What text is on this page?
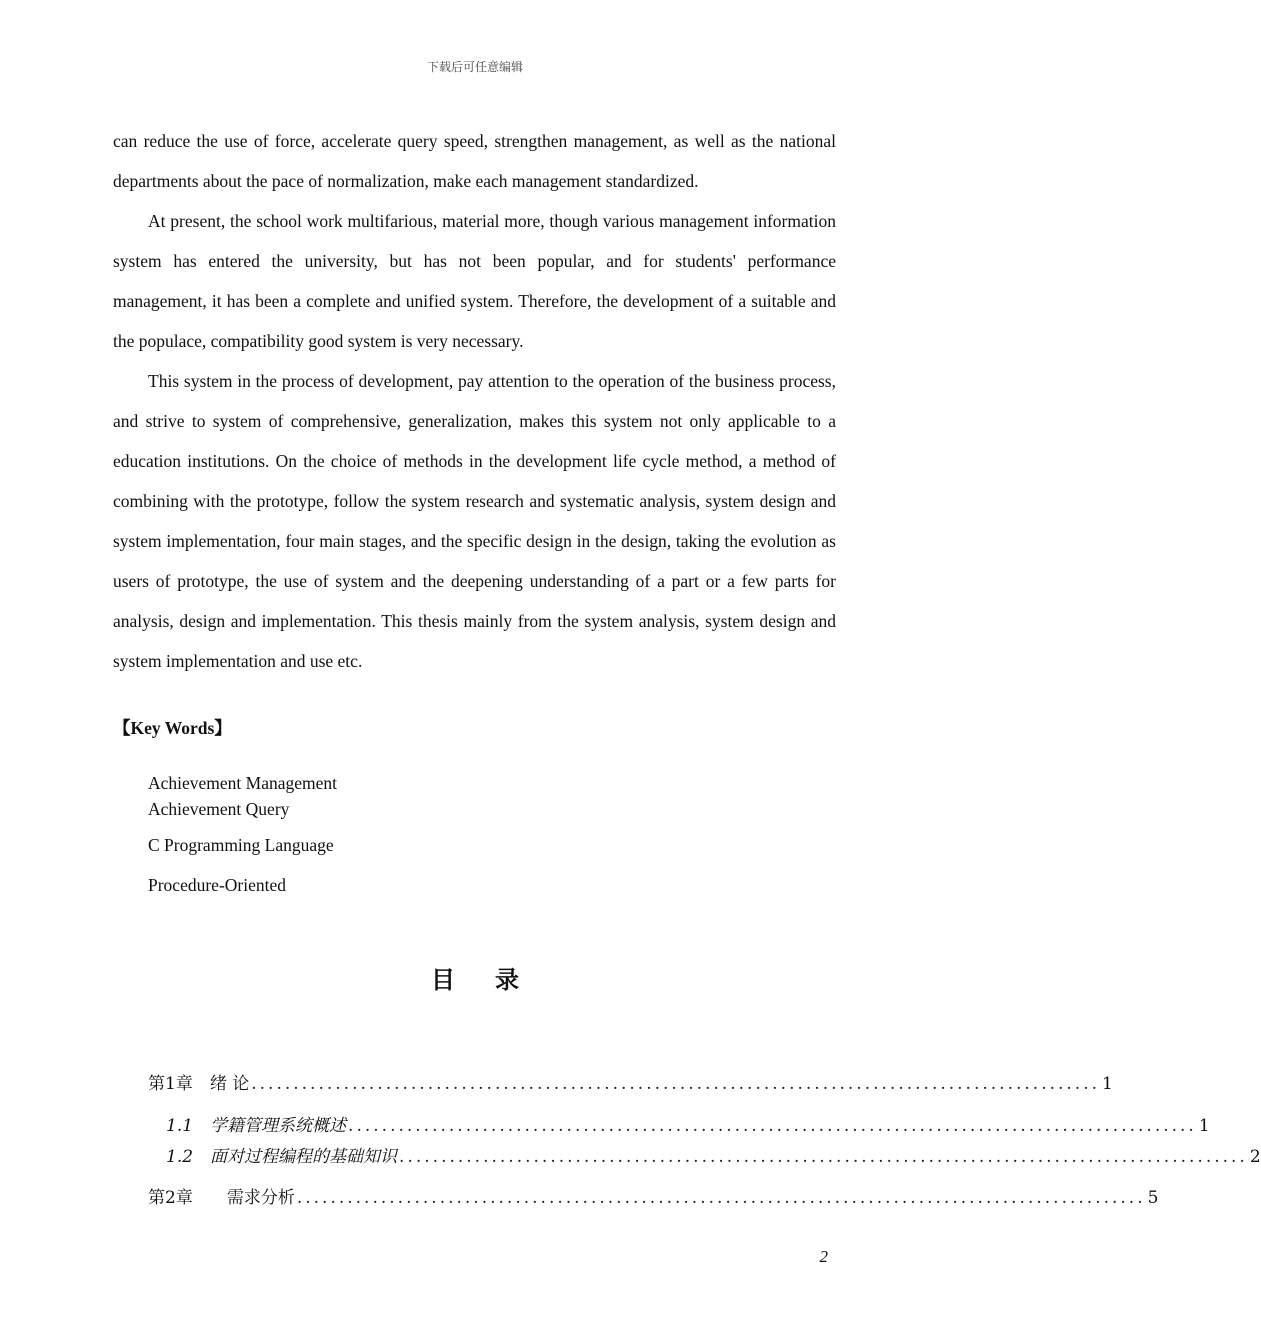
下载后可任意编辑

can reduce the use of force, accelerate query speed, strengthen management, as well as the national departments about the pace of normalization, make each management standardized.

At present, the school work multifarious, material more, though various management information system has entered the university, but has not been popular, and for students' performance management, it has been a complete and unified system. Therefore, the development of a suitable and the populace, compatibility good system is very necessary.

This system in the process of development, pay attention to the operation of the business process, and strive to system of comprehensive, generalization, makes this system not only applicable to a education institutions. On the choice of methods in the development life cycle method, a method of combining with the prototype, follow the system research and systematic analysis, system design and system implementation, four main stages, and the specific design in the design, taking the evolution as users of prototype, the use of system and the deepening understanding of a part or a few parts for analysis, design and implementation. This thesis mainly from the system analysis, system design and system implementation and use etc.

【Key Words】
Achievement Management
Achievement Query
C Programming Language
Procedure-Oriented
目录
第1章　绪 论 ..................................................................................................... 1
1.1　学籍管理系统概述 ..................................................................................................... 1
1.2　面对过程编程的基础知识 ..................................................................................................... 2
第2章　　需求分析 ..................................................................................................... 5
2
